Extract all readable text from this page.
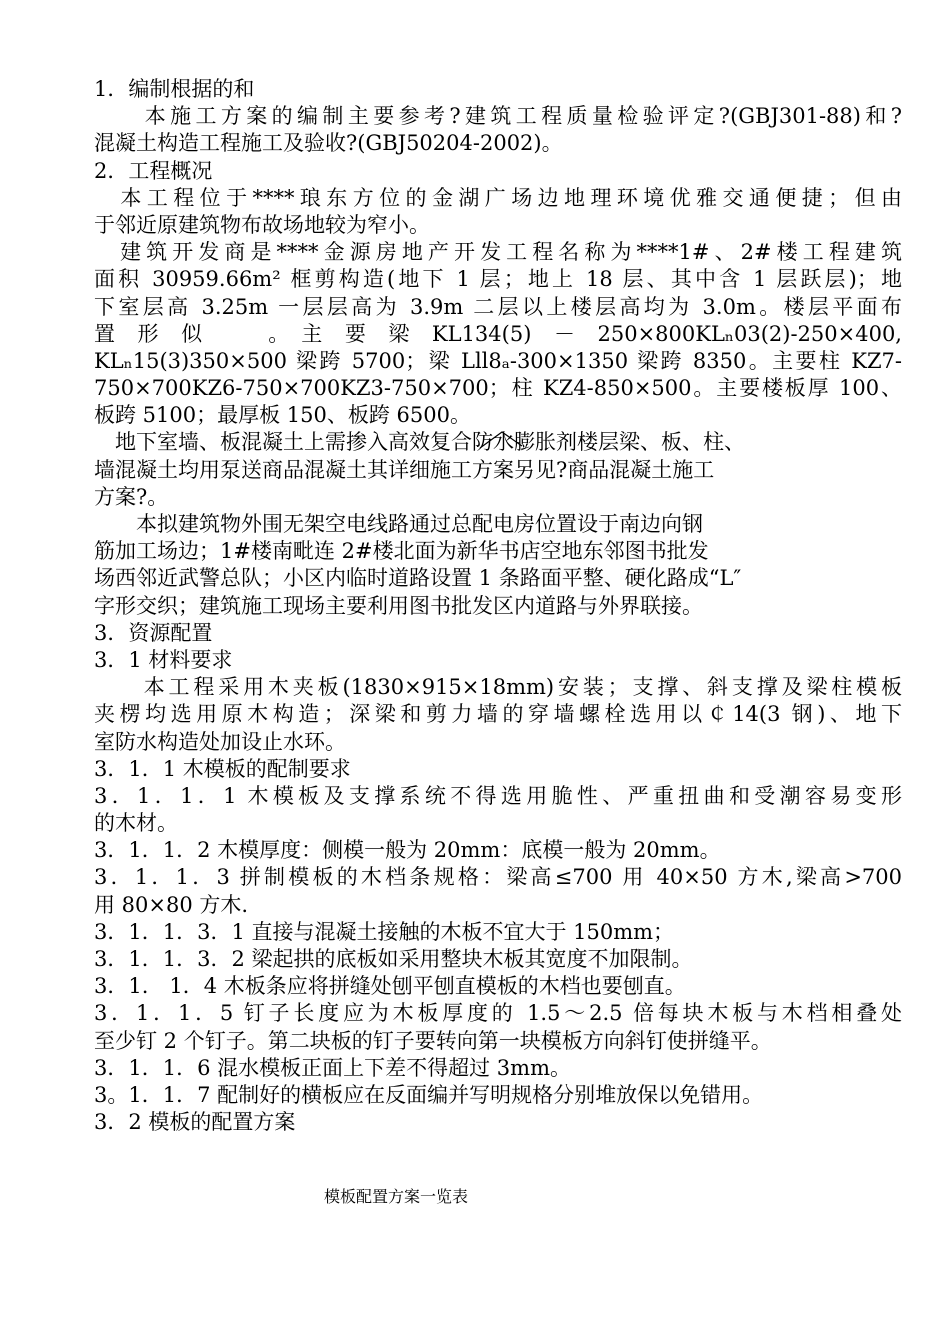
1．编制根据的和
　　本施工方案的编制主要参考?建筑工程质量检验评定?(GBJ301-88)和?
混凝土构造工程施工及验收?(GBJ50204-2002)。
2．工程概况
　本工程位于****琅东方位的金湖广场边地理环境优雅交通便捷；但由
于邻近原建筑物布故场地较为窄小。
　建筑开发商是****金源房地产开发工程名称为****1#、2#楼工程建筑
面积 30959.66m² 框剪构造(地下 1 层；地上 18 层、其中含 1 层跃层)；地
下室层高 3.25m 一层层高为 3.9m 二层以上楼层高均为 3.0m。楼层平面布
置　形　似　　　。　主　要　梁　KL134(5)　－　250×800KLₙ03(2)-250×400,
KLₙ15(3)350×500 梁跨 5700；梁 Lll8ₐ-300×1350 梁跨 8350。主要柱 KZ7-
750×700KZ6-750×700KZ3-750×700；柱 KZ4-850×500。主要楼板厚 100、
板跨 5100；最厚板 150、板跨 6500。
　地下室墙、板混凝土上需掺入高效复合防水膨胀剂楼层梁、板、柱、
墙混凝土均用泵送商品混凝土其详细施工方案另见?商品混凝土施工
方案?。
　　本拟建筑物外围无架空电线路通过总配电房位置设于南边向钢
筋加工场边；1#楼南毗连 2#楼北面为新华书店空地东邻图书批发
场西邻近武警总队；小区内临时道路设置 1 条路面平整、硬化路成“L″
字形交织；建筑施工现场主要利用图书批发区内道路与外界联接。
3．资源配置
3．1 材料要求
　　本工程采用木夹板(1830×915×18mm)安装；支撑、斜支撑及梁柱模板
夹楞均选用原木构造；深梁和剪力墙的穿墙螺栓选用以￠14(3 钢)、地下
室防水构造处加设止水环。
3．1．1 木模板的配制要求
3．1．1．1 木模板及支撑系统不得选用脆性、严重扭曲和受潮容易变形
的木材。
3．1．1．2 木模厚度：侧模一般为 20mm：底模一般为 20mm。
3．1．1．3 拼制模板的木档条规格：梁高≤700 用 40×50 方木,梁高>700
用 80×80 方木.
3．1．1．3．1 直接与混凝土接触的木板不宜大于 150mm；
3．1．1．3．2 梁起拱的底板如采用整块木板其宽度不加限制。
3．1.　1．4 木板条应将拼缝处刨平刨直模板的木档也要刨直。
3．1．1．5 钉子长度应为木板厚度的 1.5～2.5 倍每块木板与木档相叠处
至少钉 2 个钉子。第二块板的钉子要转向第一块模板方向斜钉使拼缝平。
3．1．1．6 混水模板正面上下差不得超过 3mm。
3。1．1．7 配制好的横板应在反面编并写明规格分别堆放保以免错用。
3．2 模板的配置方案
模板配置方案一览表
